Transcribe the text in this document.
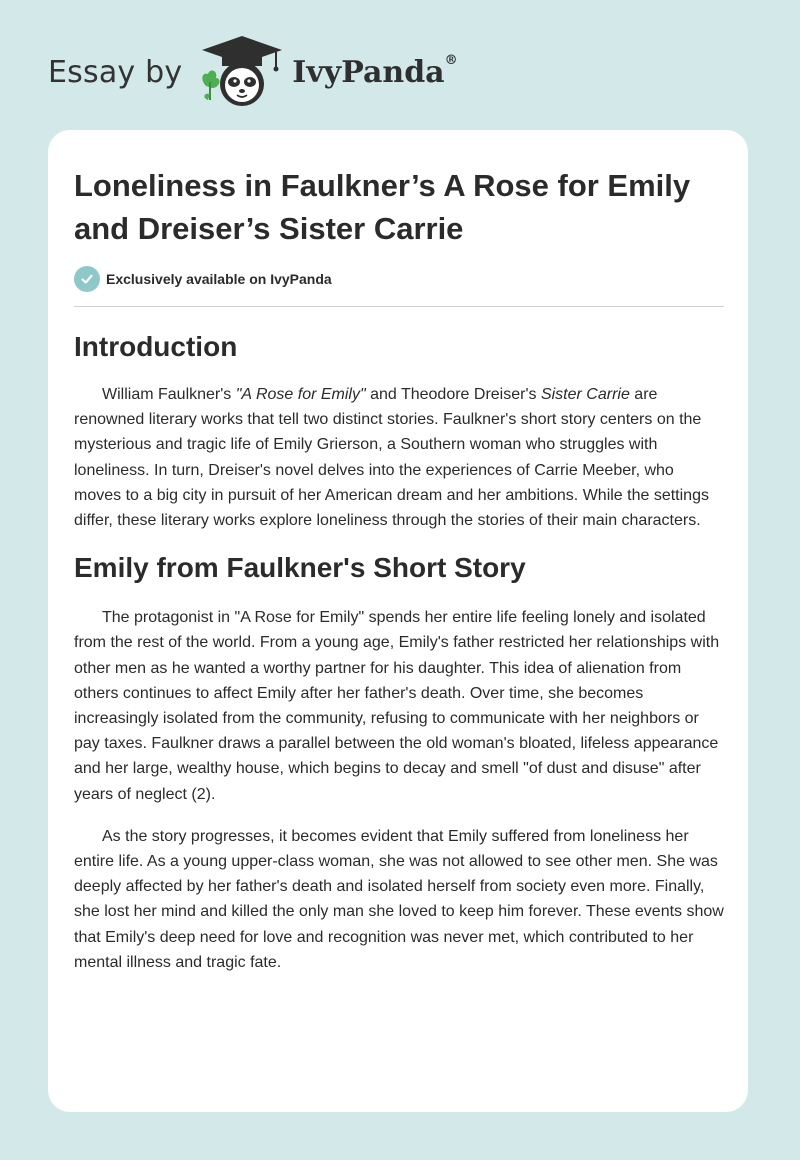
Essay by	IvyPanda®
Loneliness in Faulkner’s A Rose for Emily and Dreiser’s Sister Carrie
Exclusively available on IvyPanda
Introduction

William Faulkner's "A Rose for Emily" and Theodore Dreiser's Sister Carrie are renowned literary works that tell two distinct stories. Faulkner's short story centers on the mysterious and tragic life of Emily Grierson, a Southern woman who struggles with loneliness. In turn, Dreiser's novel delves into the experiences of Carrie Meeber, who moves to a big city in pursuit of her American dream and her ambitions. While the settings differ, these literary works explore loneliness through the stories of their main characters.

Emily from Faulkner's Short Story

The protagonist in "A Rose for Emily" spends her entire life feeling lonely and isolated from the rest of the world. From a young age, Emily's father restricted her relationships with other men as he wanted a worthy partner for his daughter. This idea of alienation from others continues to affect Emily after her father's death. Over time, she becomes increasingly isolated from the community, refusing to communicate with her neighbors or pay taxes. Faulkner draws a parallel between the old woman's bloated, lifeless appearance and her large, wealthy house, which begins to decay and smell "of dust and disuse" after years of neglect (2).

As the story progresses, it becomes evident that Emily suffered from loneliness her entire life. As a young upper-class woman, she was not allowed to see other men. She was deeply affected by her father's death and isolated herself from society even more. Finally, she lost her mind and killed the only man she loved to keep him forever. These events show that Emily's deep need for love and recognition was never met, which contributed to her mental illness and tragic fate.
